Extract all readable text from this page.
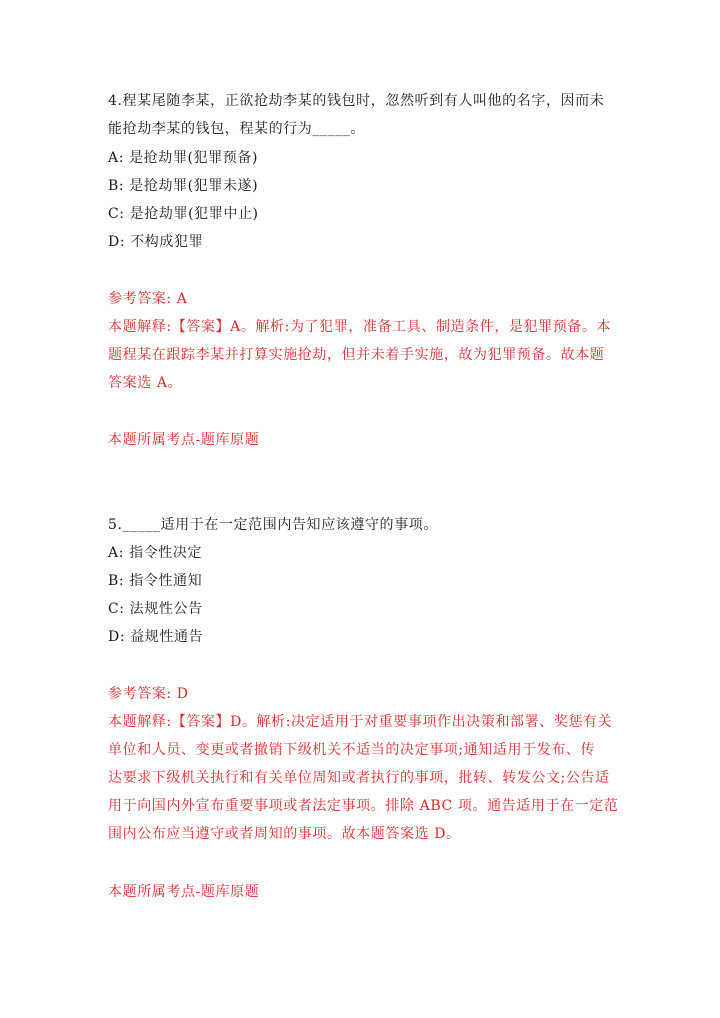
4.程某尾随李某，正欲抢劫李某的钱包时，忽然听到有人叫他的名字，因而未
能抢劫李某的钱包，程某的行为_____。
A: 是抢劫罪(犯罪预备)
B: 是抢劫罪(犯罪未遂)
C: 是抢劫罪(犯罪中止)
D: 不构成犯罪
参考答案: A
本题解释:【答案】A。解析:为了犯罪，准备工具、制造条件，是犯罪预备。本
题程某在跟踪李某并打算实施抢劫，但并未着手实施，故为犯罪预备。故本题
答案选 A。
本题所属考点-题库原题
5._____适用于在一定范围内告知应该遵守的事项。
A: 指令性决定
B: 指令性通知
C: 法规性公告
D: 益规性通告
参考答案: D
本题解释:【答案】D。解析:决定适用于对重要事项作出决策和部署、奖惩有关
单位和人员、变更或者撤销下级机关不适当的决定事项;通知适用于发布、传
达要求下级机关执行和有关单位周知或者执行的事项，批转、转发公文;公告适
用于向国内外宣布重要事项或者法定事项。排除 ABC 项。通告适用于在一定范
围内公布应当遵守或者周知的事项。故本题答案选 D。
本题所属考点-题库原题
